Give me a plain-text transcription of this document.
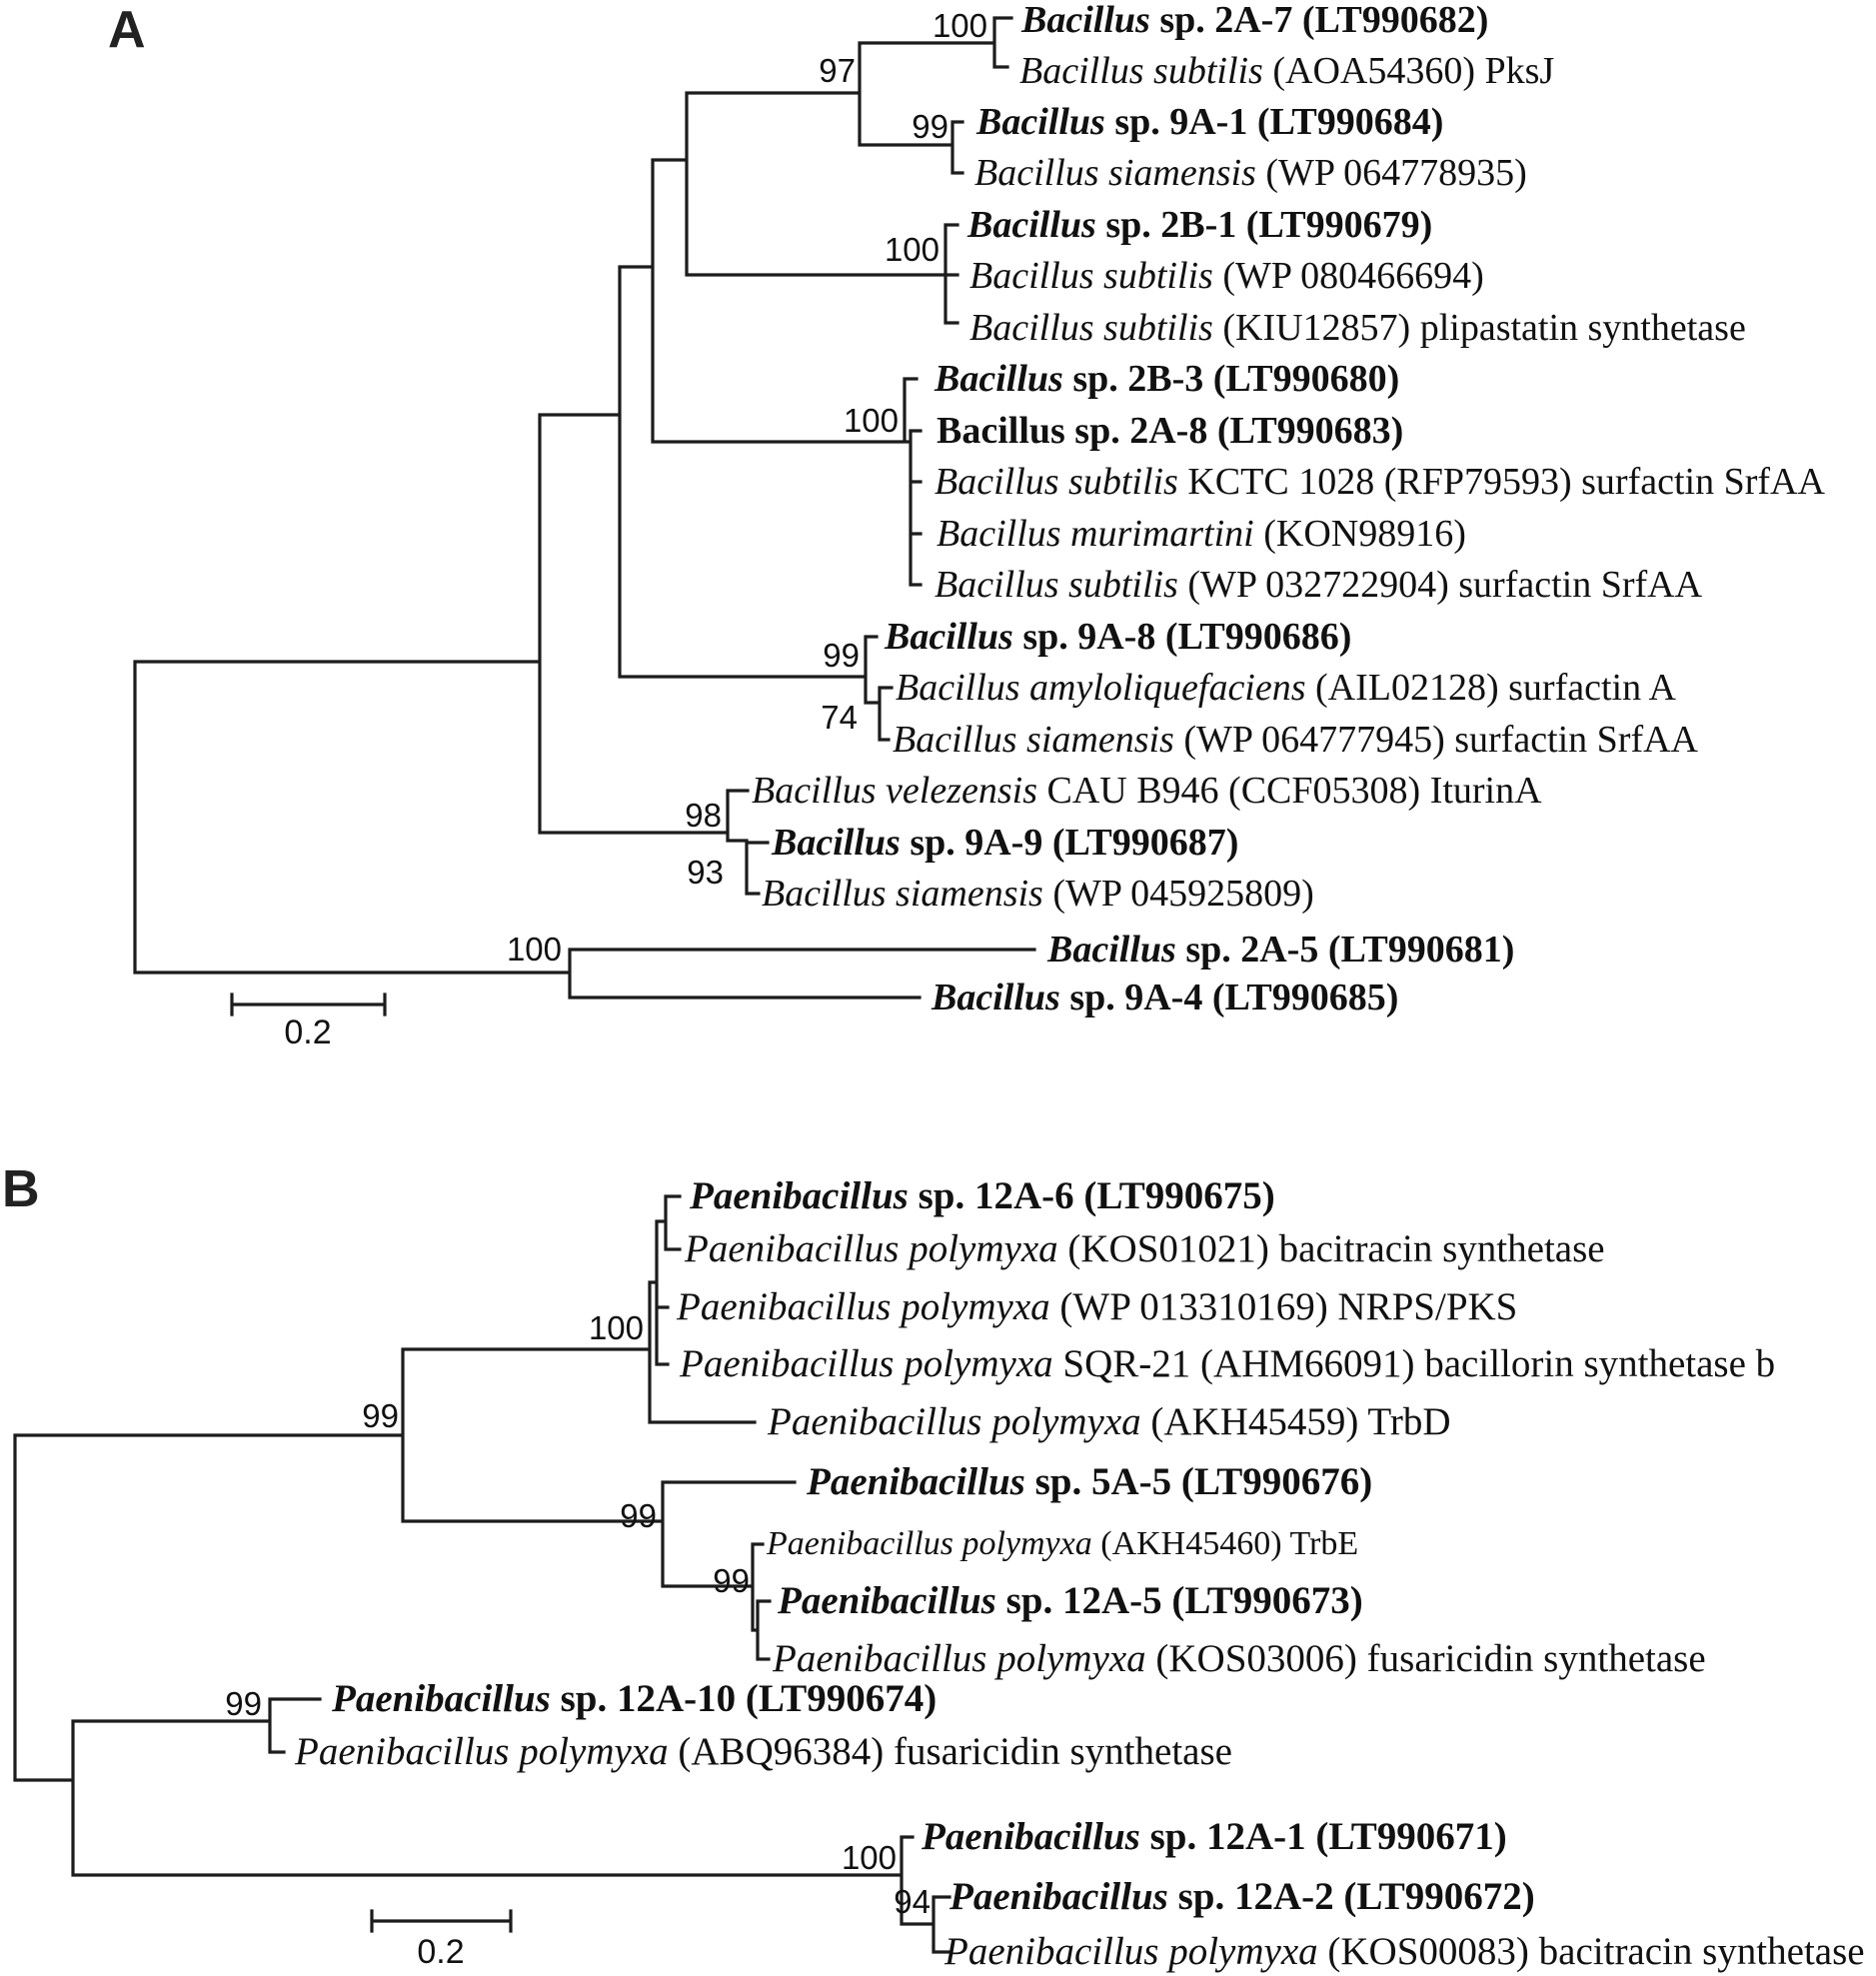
A
B
Bacillus sp. 2A-7 (LT990682)
Bacillus subtilis (AOA54360) PksJ
Bacillus sp. 9A-1 (LT990684)
Bacillus siamensis (WP 064778935)
Bacillus sp. 2B-1 (LT990679)
Bacillus subtilis (WP 080466694)
Bacillus subtilis (KIU12857) plipastatin synthetase
Bacillus sp. 2B-3 (LT990680)
Bacillus sp. 2A-8 (LT990683)
Bacillus subtilis KCTC 1028 (RFP79593) surfactin SrfAA
Bacillus murimartini (KON98916)
Bacillus subtilis (WP 032722904) surfactin SrfAA
Bacillus sp. 9A-8 (LT990686)
Bacillus amyloliquefaciens (AIL02128) surfactin A
Bacillus siamensis (WP 064777945) surfactin SrfAA
Bacillus velezensis CAU B946 (CCF05308) IturinA
Bacillus sp. 9A-9 (LT990687)
Bacillus siamensis (WP 045925809)
Bacillus sp. 2A-5 (LT990681)
Bacillus sp. 9A-4 (LT990685)
100
97
99
100
100
99
74
98
93
100
0.2
Paenibacillus sp. 12A-6 (LT990675)
Paenibacillus polymyxa (KOS01021) bacitracin synthetase
Paenibacillus polymyxa (WP 013310169) NRPS/PKS
Paenibacillus polymyxa SQR-21 (AHM66091) bacillorin synthetase b
Paenibacillus polymyxa (AKH45459) TrbD
Paenibacillus sp. 5A-5 (LT990676)
Paenibacillus polymyxa (AKH45460) TrbE
Paenibacillus sp. 12A-5 (LT990673)
Paenibacillus polymyxa (KOS03006) fusaricidin synthetase
Paenibacillus sp. 12A-10 (LT990674)
Paenibacillus polymyxa (ABQ96384) fusaricidin synthetase
Paenibacillus sp. 12A-1 (LT990671)
Paenibacillus sp. 12A-2 (LT990672)
Paenibacillus polymyxa (KOS00083) bacitracin synthetase
100
99
99
99
99
100
94
0.2
